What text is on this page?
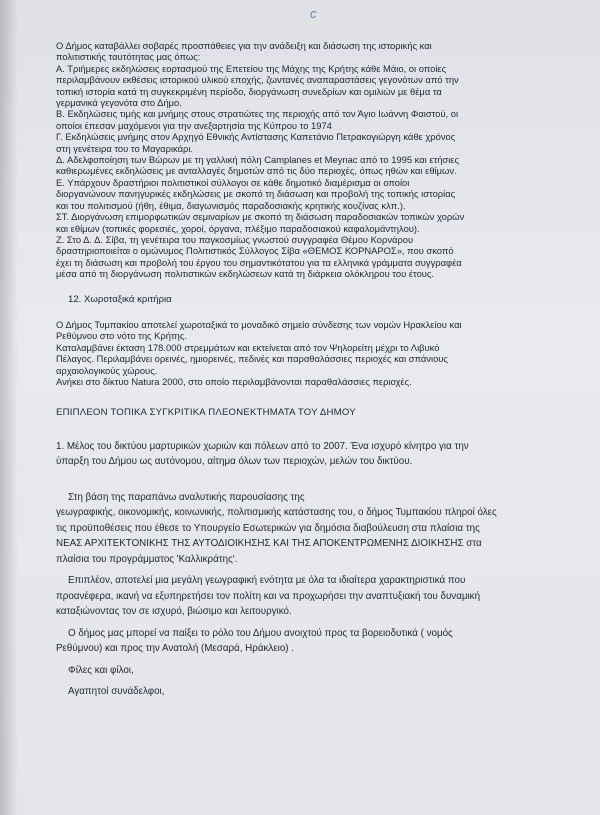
c

Ο Δήμος καταβάλλει σοβαρές προσπάθειες για την ανάδειξη και διάσωση της ιστορικής και

πολιτιστικής ταυτότητας μας όπως:

Α. Τριήμερες εκδηλώσεις εορτασμού της Επετείου της Μάχης της Κρήτης κάθε Μάιο, οι οποίες

περιλαμβάνουν εκθέσεις ιστορικού υλικού εποχής, ζωντανές αναπαραστάσεις γεγονότων από την

τοπική ιστορία κατά τη συγκεκριμένη περίοδο, διοργάνωση συνεδρίων και ομιλιών με θέμα τα

γερμανικά γεγονότα στο Δήμο.

Β. Εκδηλώσεις τιμής και μνήμης στους στρατιώτες της περιοχής από τον Άγιο Ιωάννη Φαιστού, οι

οποίοι έπεσαν μαχόμενοι για την ανεξαρτησία της Κύπρου το 1974

Γ. Εκδηλώσεις μνήμης στον Αρχηγό Εθνικής Αντίστασης Καπετάνιο Πετρακογιώργη κάθε χρόνος

στη γενέτειρα του το Μαγαρικάρι.

Δ. Αδελφοποίηση των Βώρων με τη γαλλική πόλη Camplanes et Meynac από το 1995 και ετήσιες

καθιερωμένες εκδηλώσεις με ανταλλαγές δημοτών από τις δύο περιοχές, όπως ηθών και εθίμων.

Ε. Υπάρχουν δραστήριοι πολιτιστικοί σύλλογοι σε κάθε δημοτικό διαμέρισμα οι οποίοι

διοργανώνουν πανηγυρικές εκδηλώσεις με σκοπό τη διάσωση και προβολή της τοπικής ιστορίας

και του πολιτισμού (ήθη, έθιμα, διαγωνισμός παραδοσιακής κρητικής κουζίνας κλπ.).

ΣΤ. Διοργάνωση επιμορφωτικών σεμιναρίων με σκοπό τη διάσωση παραδοσιακών τοπικών χορών

και εθίμων (τοπικές φορεσιές, χοροί, όργανα, πλέξιμο παραδοσιακού καφαλομάντηλου).

Ζ. Στο Δ. Δ. Σίβα, τη γενέτειρα του παγκοσμίως γνωστού συγγραφέα Θέμου Κορνάρου

δραστηριοποιείται ο ομώνυμος Πολιτιστικός Σύλλογος Σίβα «ΘΕΜΟΣ ΚΟΡΝΑΡΟΣ», που σκοπό

έχει τη διάσωση και προβολή του έργου του σημαντικότατου για τα ελληνικά γράμματα συγγραφέα

μέσα από τη διοργάνωση πολιτιστικών εκδηλώσεων κατά τη διάρκεια ολόκληρου του έτους.

12. Χωροταξικά κριτήρια

Ο Δήμος Τυμπακίου αποτελεί χωροταξικά το μοναδικό σημείο σύνδεσης των νομών Ηρακλείου και

Ρεθύμνου στο νότο της Κρήτης.

Καταλαμβάνει έκταση 178.000 στρεμμάτων και εκτείνεται από τον Ψηλορείτη μέχρι το Λιβυκό

Πέλαγος. Περιλαμβάνει ορεινές, ημιορεινές, πεδινές και παραθαλάσσιες περιοχές και σπάνιους

αρχαιολογικούς χώρους.

Ανήκει στο δίκτυο Natura 2000, στο οποίο περιλαμβάνονται παραθαλάσσιες περιοχές.

ΕΠΙΠΛΕΟΝ ΤΟΠΙΚΑ ΣΥΓΚΡΙΤΙΚΑ ΠΛΕΟΝΕΚΤΗΜΑΤΑ ΤΟΥ ΔΗΜΟΥ

1. Μέλος του δικτύου μαρτυρικών χωριών και πόλεων από το 2007. Ένα ισχυρό κίνητρο για την

ύπαρξη του Δήμου ως αυτόνομου, αίτημα όλων των περιοχών, μελών του δικτύου.

Στη βάση της παραπάνω αναλυτικής παρουσίασης της

γεωγραφικής, οικονομικής, κοινωνικής, πολιτισμικής κατάστασης του, ο δήμος Τυμπακίου πληροί όλες

τις προϋποθέσεις που έθεσε το Υπουργείο Εσωτερικών για δημόσια διαβούλευση στα πλαίσια της

ΝΕΑΣ ΑΡΧΙΤΕΚΤΟΝΙΚΗΣ ΤΗΣ ΑΥΤΟΔΙΟΙΚΗΣΗΣ ΚΑΙ ΤΗΣ ΑΠΟΚΕΝΤΡΩΜΕΝΗΣ ΔΙΟΙΚΗΣΗΣ στα

πλαίσια του προγράμματος 'Καλλικράτης'.

Επιπλέον, αποτελεί μια μεγάλη γεωγραφική ενότητα με όλα τα ιδιαίτερα χαρακτηριστικά που

προανέφερα, ικανή να εξυπηρετήσει τον πολίτη και να προχωρήσει την αναπτυξιακή του δυναμική

καταξιώνοντας τον σε ισχυρό, βιώσιμο και λειτουργικό.

Ο δήμος μας μπορεί να παίξει το ρόλο του Δήμου ανοιχτού προς τα βορειοδυτικά ( νομός

Ρεθύμνου) και προς την Ανατολή (Μεσαρά, Ηράκλειο) .

Φίλες και φίλοι,

Αγαπητοί συνάδελφοι,
